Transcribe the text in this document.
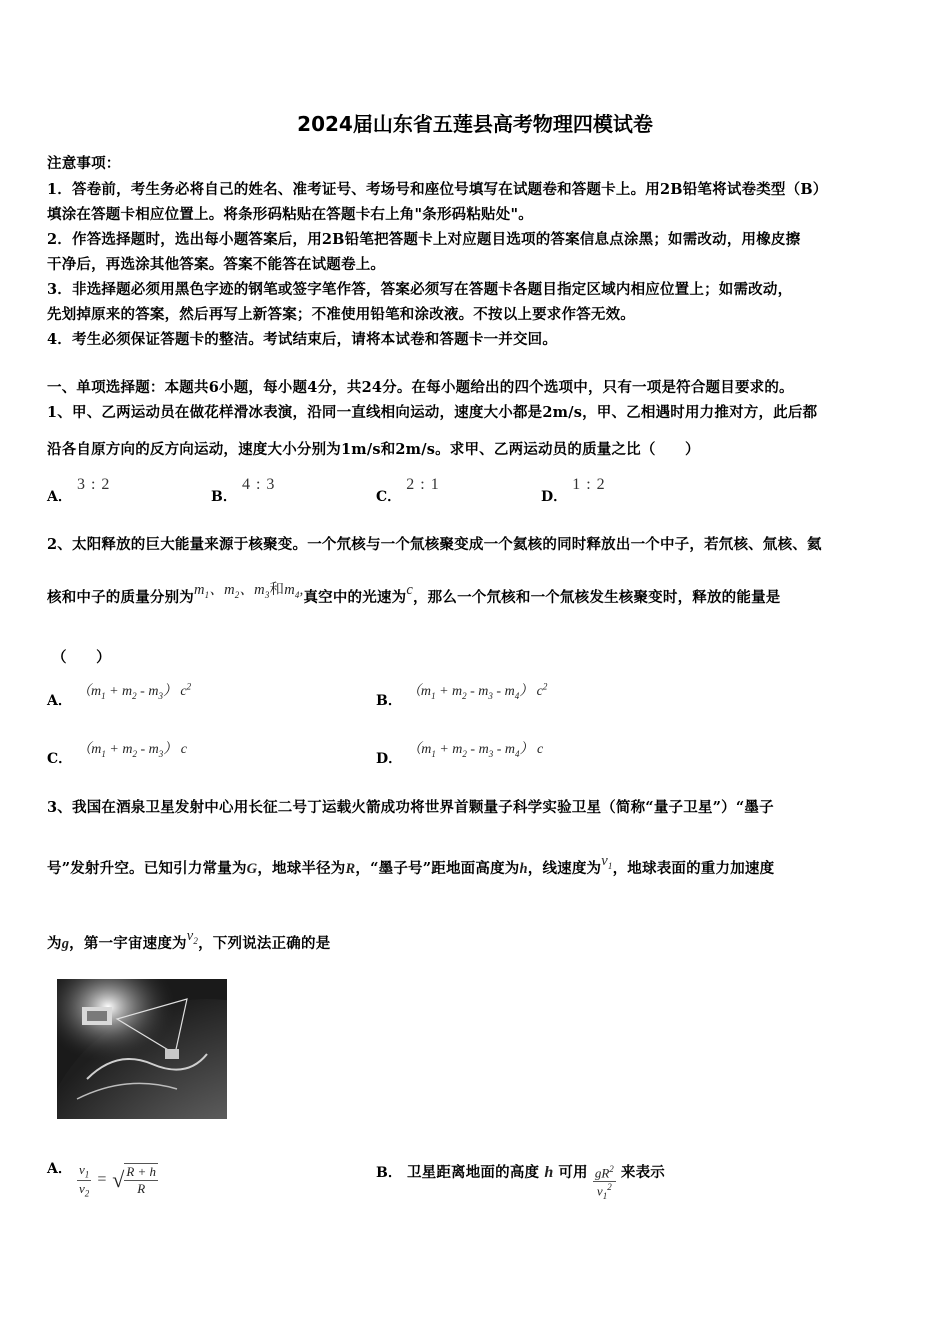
2024届山东省五莲县高考物理四模试卷
注意事项：
1．答卷前，考生务必将自己的姓名、准考证号、考场号和座位号填写在试题卷和答题卡上。用2B铅笔将试卷类型（B）
填涂在答题卡相应位置上。将条形码粘贴在答题卡右上角"条形码粘贴处"。
2．作答选择题时，选出每小题答案后，用2B铅笔把答题卡上对应题目选项的答案信息点涂黑；如需改动，用橡皮擦
干净后，再选涂其他答案。答案不能答在试题卷上。
3．非选择题必须用黑色字迹的钢笔或签字笔作答，答案必须写在答题卡各题目指定区域内相应位置上；如需改动，
先划掉原来的答案，然后再写上新答案；不准使用铅笔和涂改液。不按以上要求作答无效。
4．考生必须保证答题卡的整洁。考试结束后，请将本试卷和答题卡一并交回。
一、单项选择题：本题共6小题，每小题4分，共24分。在每小题给出的四个选项中，只有一项是符合题目要求的。
1、甲、乙两运动员在做花样滑冰表演，沿同一直线相向运动，速度大小都是2m/s，甲、乙相遇时用力推对方，此后都
沿各自原方向的反方向运动，速度大小分别为1m/s和2m/s。求甲、乙两运动员的质量之比（　　）
A． 3 : 2
B． 4 : 3
C． 2 : 1
D． 1 : 2
2、太阳释放的巨大能量来源于核聚变。一个氘核与一个氚核聚变成一个氦核的同时释放出一个中子，若氘核、氚核、氦
核和中子的质量分别为$m_1$、$m_2$、$m_3$和$m_4$,真空中的光速为c，那么一个氘核和一个氚核发生核聚变时，释放的能量是
（　　）
A． $(m_1 + m_2 - m_3)$ $c^2$
B． $(m_1 + m_2 - m_3 - m_4)$ $c^2$
C． $(m_1 + m_2 - m_3)$ c
D． $(m_1 + m_2 - m_3 - m_4)$ c
3、我国在酒泉卫星发射中心用长征二号丁运载火箭成功将世界首颗量子科学实验卫星（简称“量子卫星”）“墨子
号”发射升空。已知引力常量为G，地球半径为R，“墨子号”距地面高度为h，线速度为$v_1$，地球表面的重力加速度
为g，第一宇宙速度为$v_2$，下列说法正确的是
A． $\frac{v_1}{v_2}$ = √ $\frac{R + h}{R}$	B． 卫星距离地面的高度 h 可用 $\frac{gR^2}{v_1^2}$ 来表示
